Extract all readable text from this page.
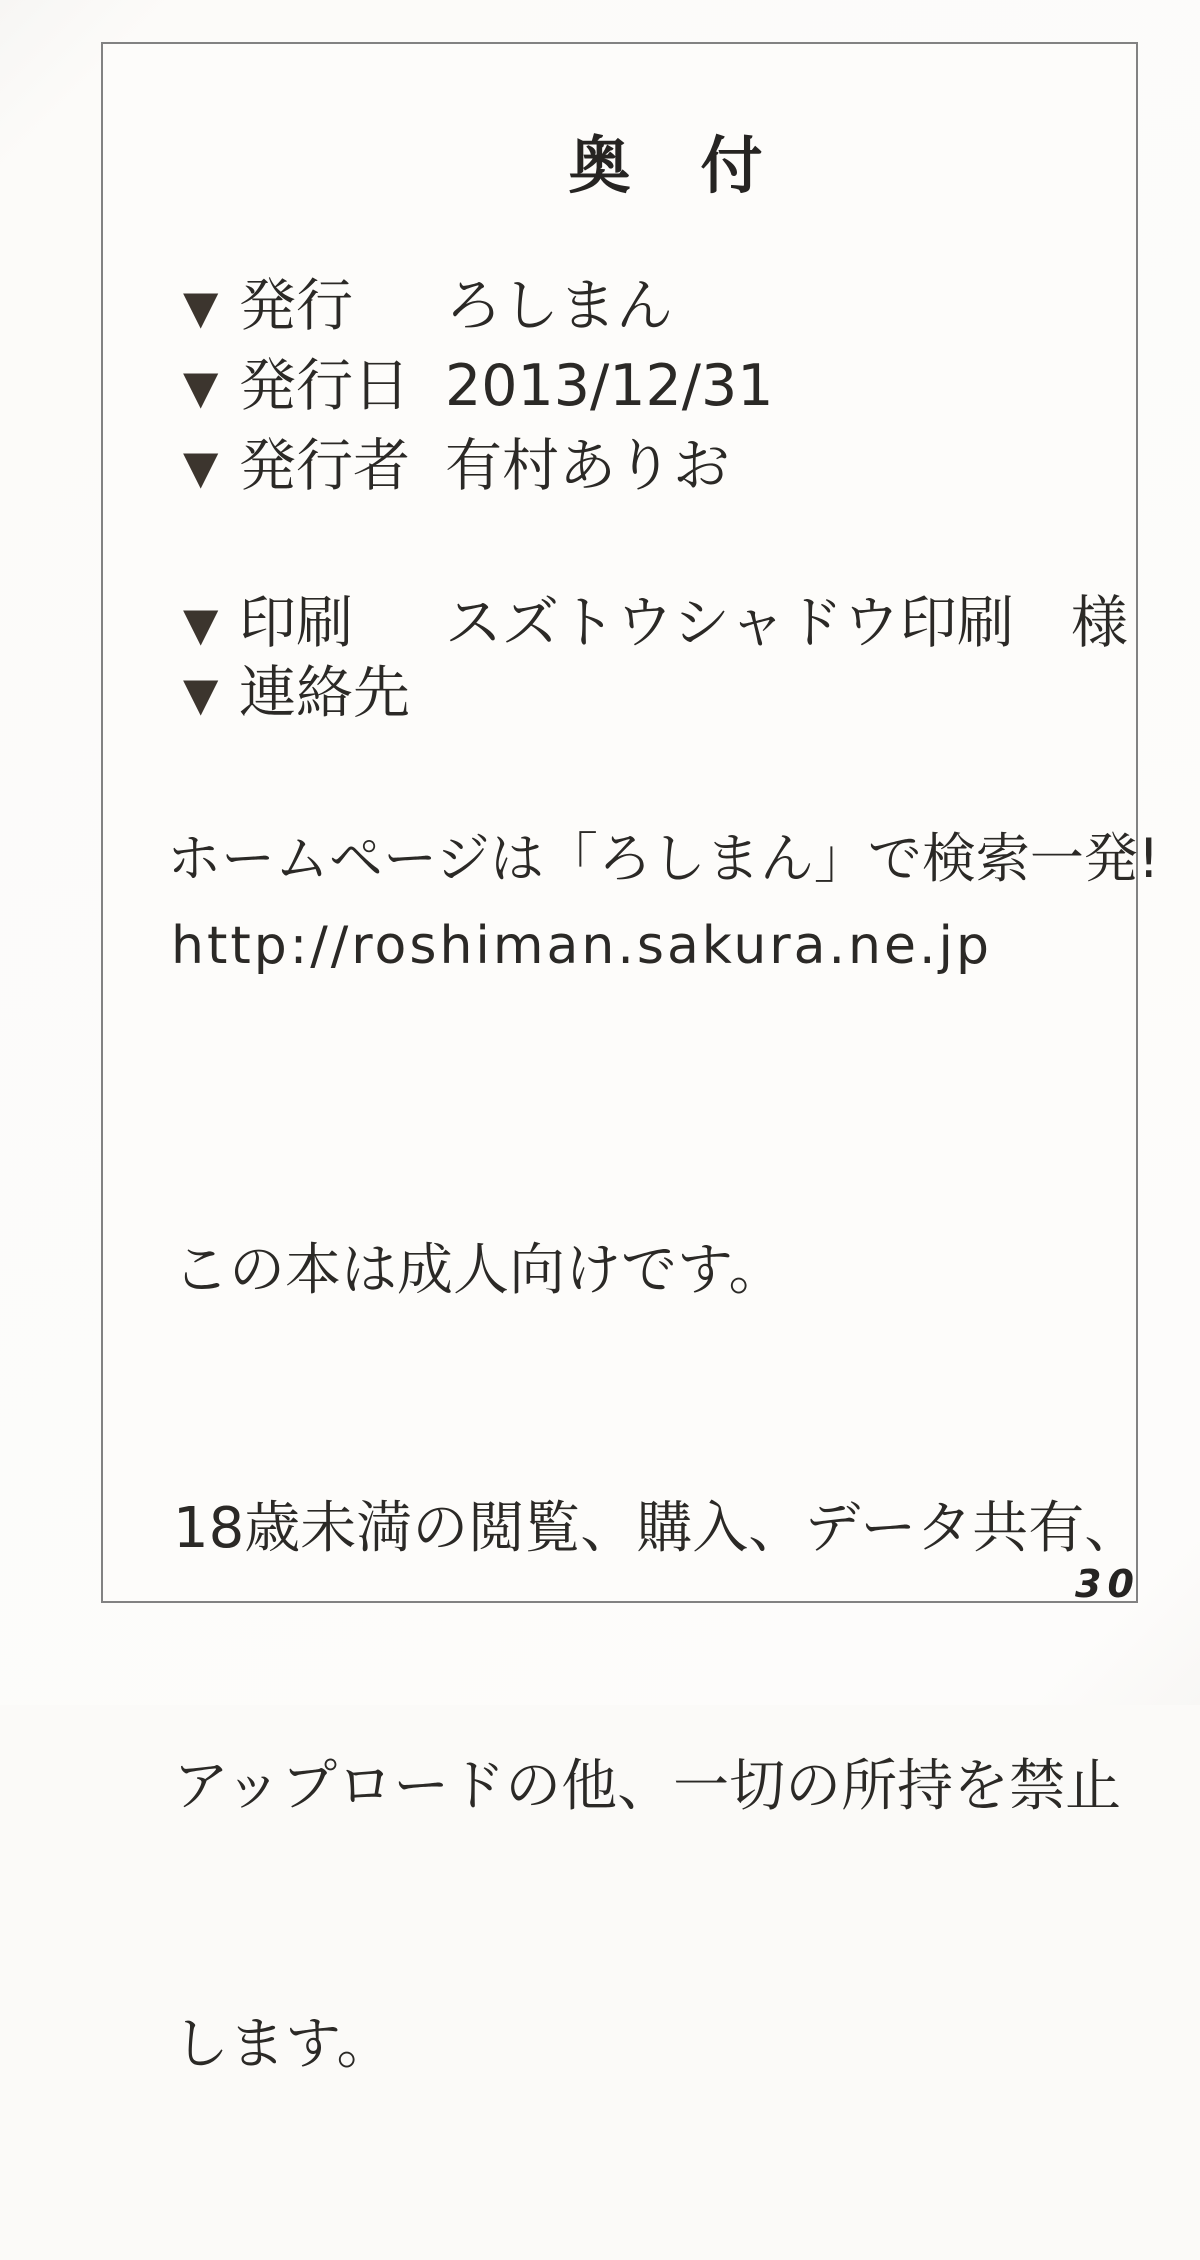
奥　付
▼ 発行	ろしまん
▼ 発行日 2013/12/31
▼ 発行者 有村ありお
▼ 印刷	スズトウシャドウ印刷　様
▼ 連絡先
ホームページは「ろしまん」で検索一発!
http://roshiman.sakura.ne.jp

この本は成人向けです。

18歳未満の閲覧、購入、データ共有、

アップロードの他、一切の所持を禁止

します。

30
